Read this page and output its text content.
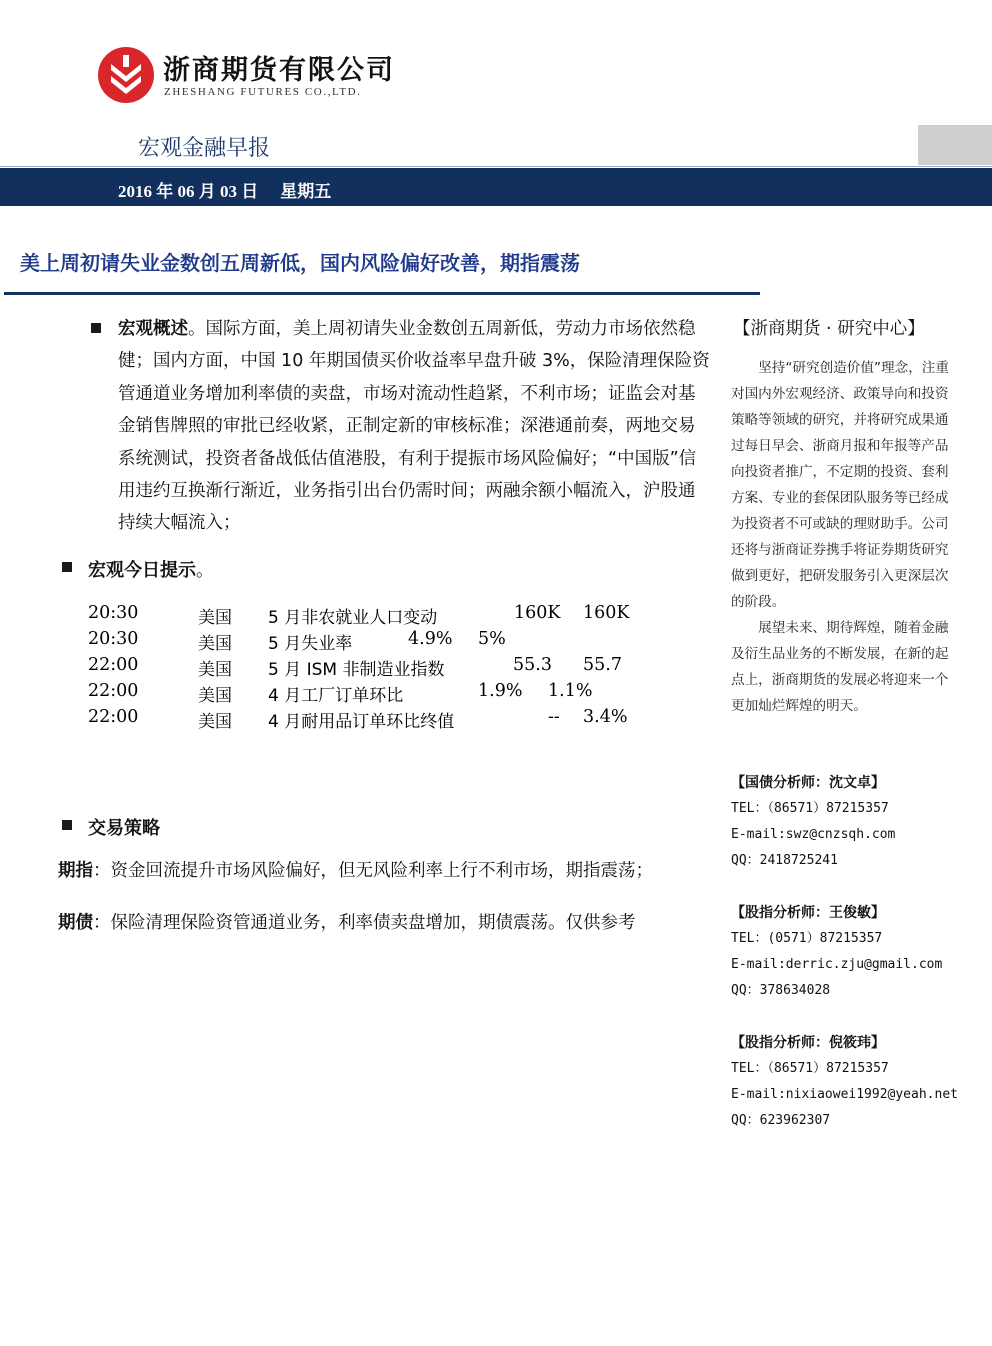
浙商期货有限公司
ZHESHANG FUTURES CO.,LTD.
宏观金融早报
2016 年 06 月 03 日 星期五
美上周初请失业金数创五周新低，国内风险偏好改善，期指震荡
宏观概述。国际方面，美上周初请失业金数创五周新低，劳动力市场依然稳健；国内方面，中国 10 年期国债买价收益率早盘升破 3%，保险清理保险资管通道业务增加利率债的卖盘，市场对流动性趋紧，不利市场；证监会对基金销售牌照的审批已经收紧，正制定新的审核标准；深港通前奏，两地交易系统测试，投资者备战低估值港股，有利于提振市场风险偏好；“中国版”信用违约互换渐行渐近，业务指引出台仍需时间；两融余额小幅流入，沪股通持续大幅流入；
宏观今日提示。
20:30	美国 5 月非农就业人口变动	160K 160K
20:30	美国 5 月失业率	4.9% 5%
22:00	美国 5 月 ISM 非制造业指数	55.3 55.7
22:00	美国 4 月工厂订单环比	1.9% 1.1%
22:00	美国 4 月耐用品订单环比终值	-- 3.4%
交易策略
期指：资金回流提升市场风险偏好，但无风险利率上行不利市场，期指震荡；
期债：保险清理保险资管通道业务，利率债卖盘增加，期债震荡。仅供参考
【浙商期货 · 研究中心】

坚持“研究创造价值”理念，注重对国内外宏观经济、政策导向和投资策略等领域的研究，并将研究成果通过每日早会、浙商月报和年报等产品向投资者推广，不定期的投资、套利方案、专业的套保团队服务等已经成为投资者不可或缺的理财助手。公司还将与浙商证券携手将证券期货研究做到更好，把研发服务引入更深层次的阶段。

展望未来、期待辉煌，随着金融及衍生品业务的不断发展，在新的起点上，浙商期货的发展必将迎来一个更加灿烂辉煌的明天。

【国债分析师：沈文卓】
TEL：（86571）87215357
E-mail:swz@cnzsqh.com
QQ：2418725241
【股指分析师：王俊敏】
TEL：(0571）87215357
E-mail:derric.zju@gmail.com
QQ：378634028
【股指分析师：倪筱玮】
TEL：（86571）87215357
E-mail:nixiaowei1992@yeah.net
QQ：623962307
